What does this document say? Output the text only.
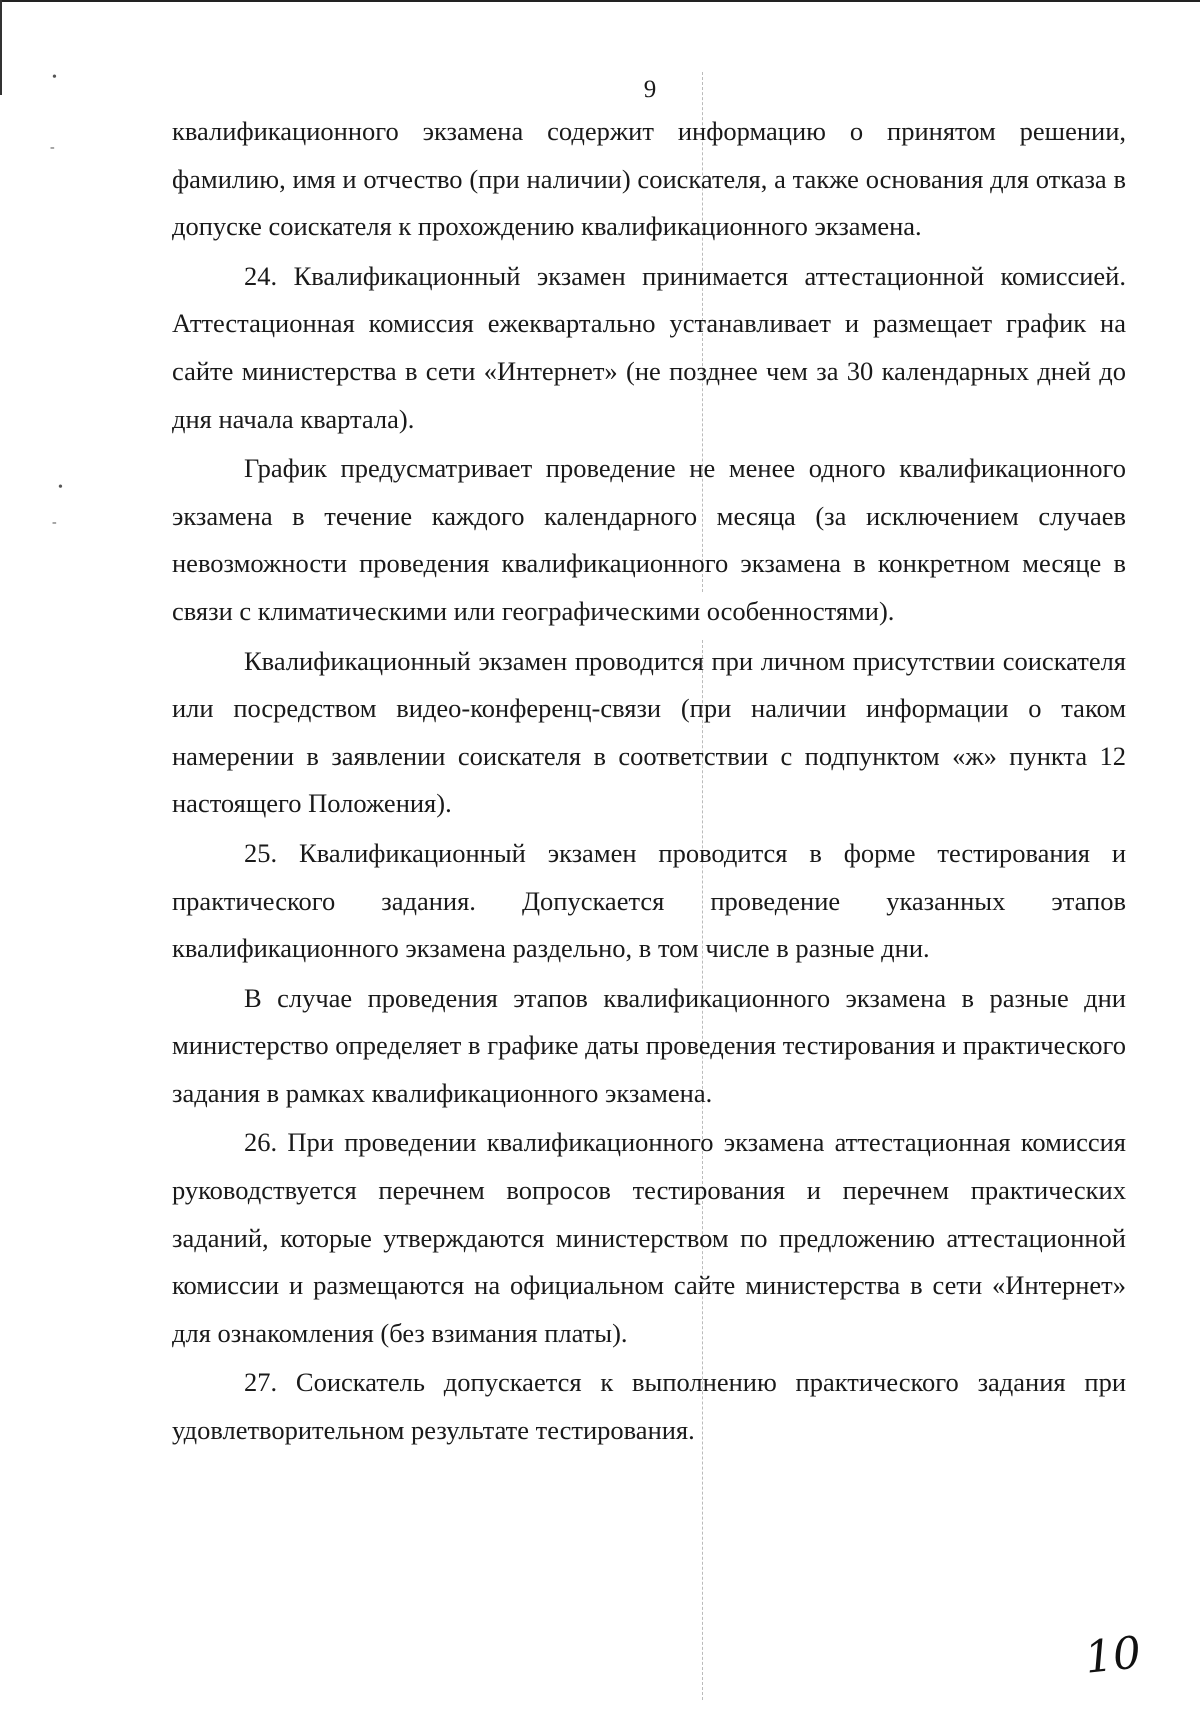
•
-
•
-
9

квалификационного экзамена содержит информацию о принятом решении, фамилию, имя и отчество (при наличии) соискателя, а также основания для отказа в допуске соискателя к прохождению квалификационного экзамена.

24. Квалификационный экзамен принимается аттестационной комиссией. Аттестационная комиссия ежеквартально устанавливает и размещает график на сайте министерства в сети «Интернет» (не позднее чем за 30 календарных дней до дня начала квартала).

График предусматривает проведение не менее одного квалификационного экзамена в течение каждого календарного месяца (за исключением случаев невозможности проведения квалификационного экзамена в конкретном месяце в связи с климатическими или географическими особенностями).

Квалификационный экзамен проводится при личном присутствии соискателя или посредством видео-конференц-связи (при наличии информации о таком намерении в заявлении соискателя в соответствии с подпунктом «ж» пункта 12 настоящего Положения).

25. Квалификационный экзамен проводится в форме тестирования и практического задания. Допускается проведение указанных этапов квалификационного экзамена раздельно, в том числе в разные дни.

В случае проведения этапов квалификационного экзамена в разные дни министерство определяет в графике даты проведения тестирования и практического задания в рамках квалификационного экзамена.

26. При проведении квалификационного экзамена аттестационная комиссия руководствуется перечнем вопросов тестирования и перечнем практических заданий, которые утверждаются министерством по предложению аттестационной комиссии и размещаются на официальном сайте министерства в сети «Интернет» для ознакомления (без взимания платы).

27. Соискатель допускается к выполнению практического задания при удовлетворительном результате тестирования.

10
